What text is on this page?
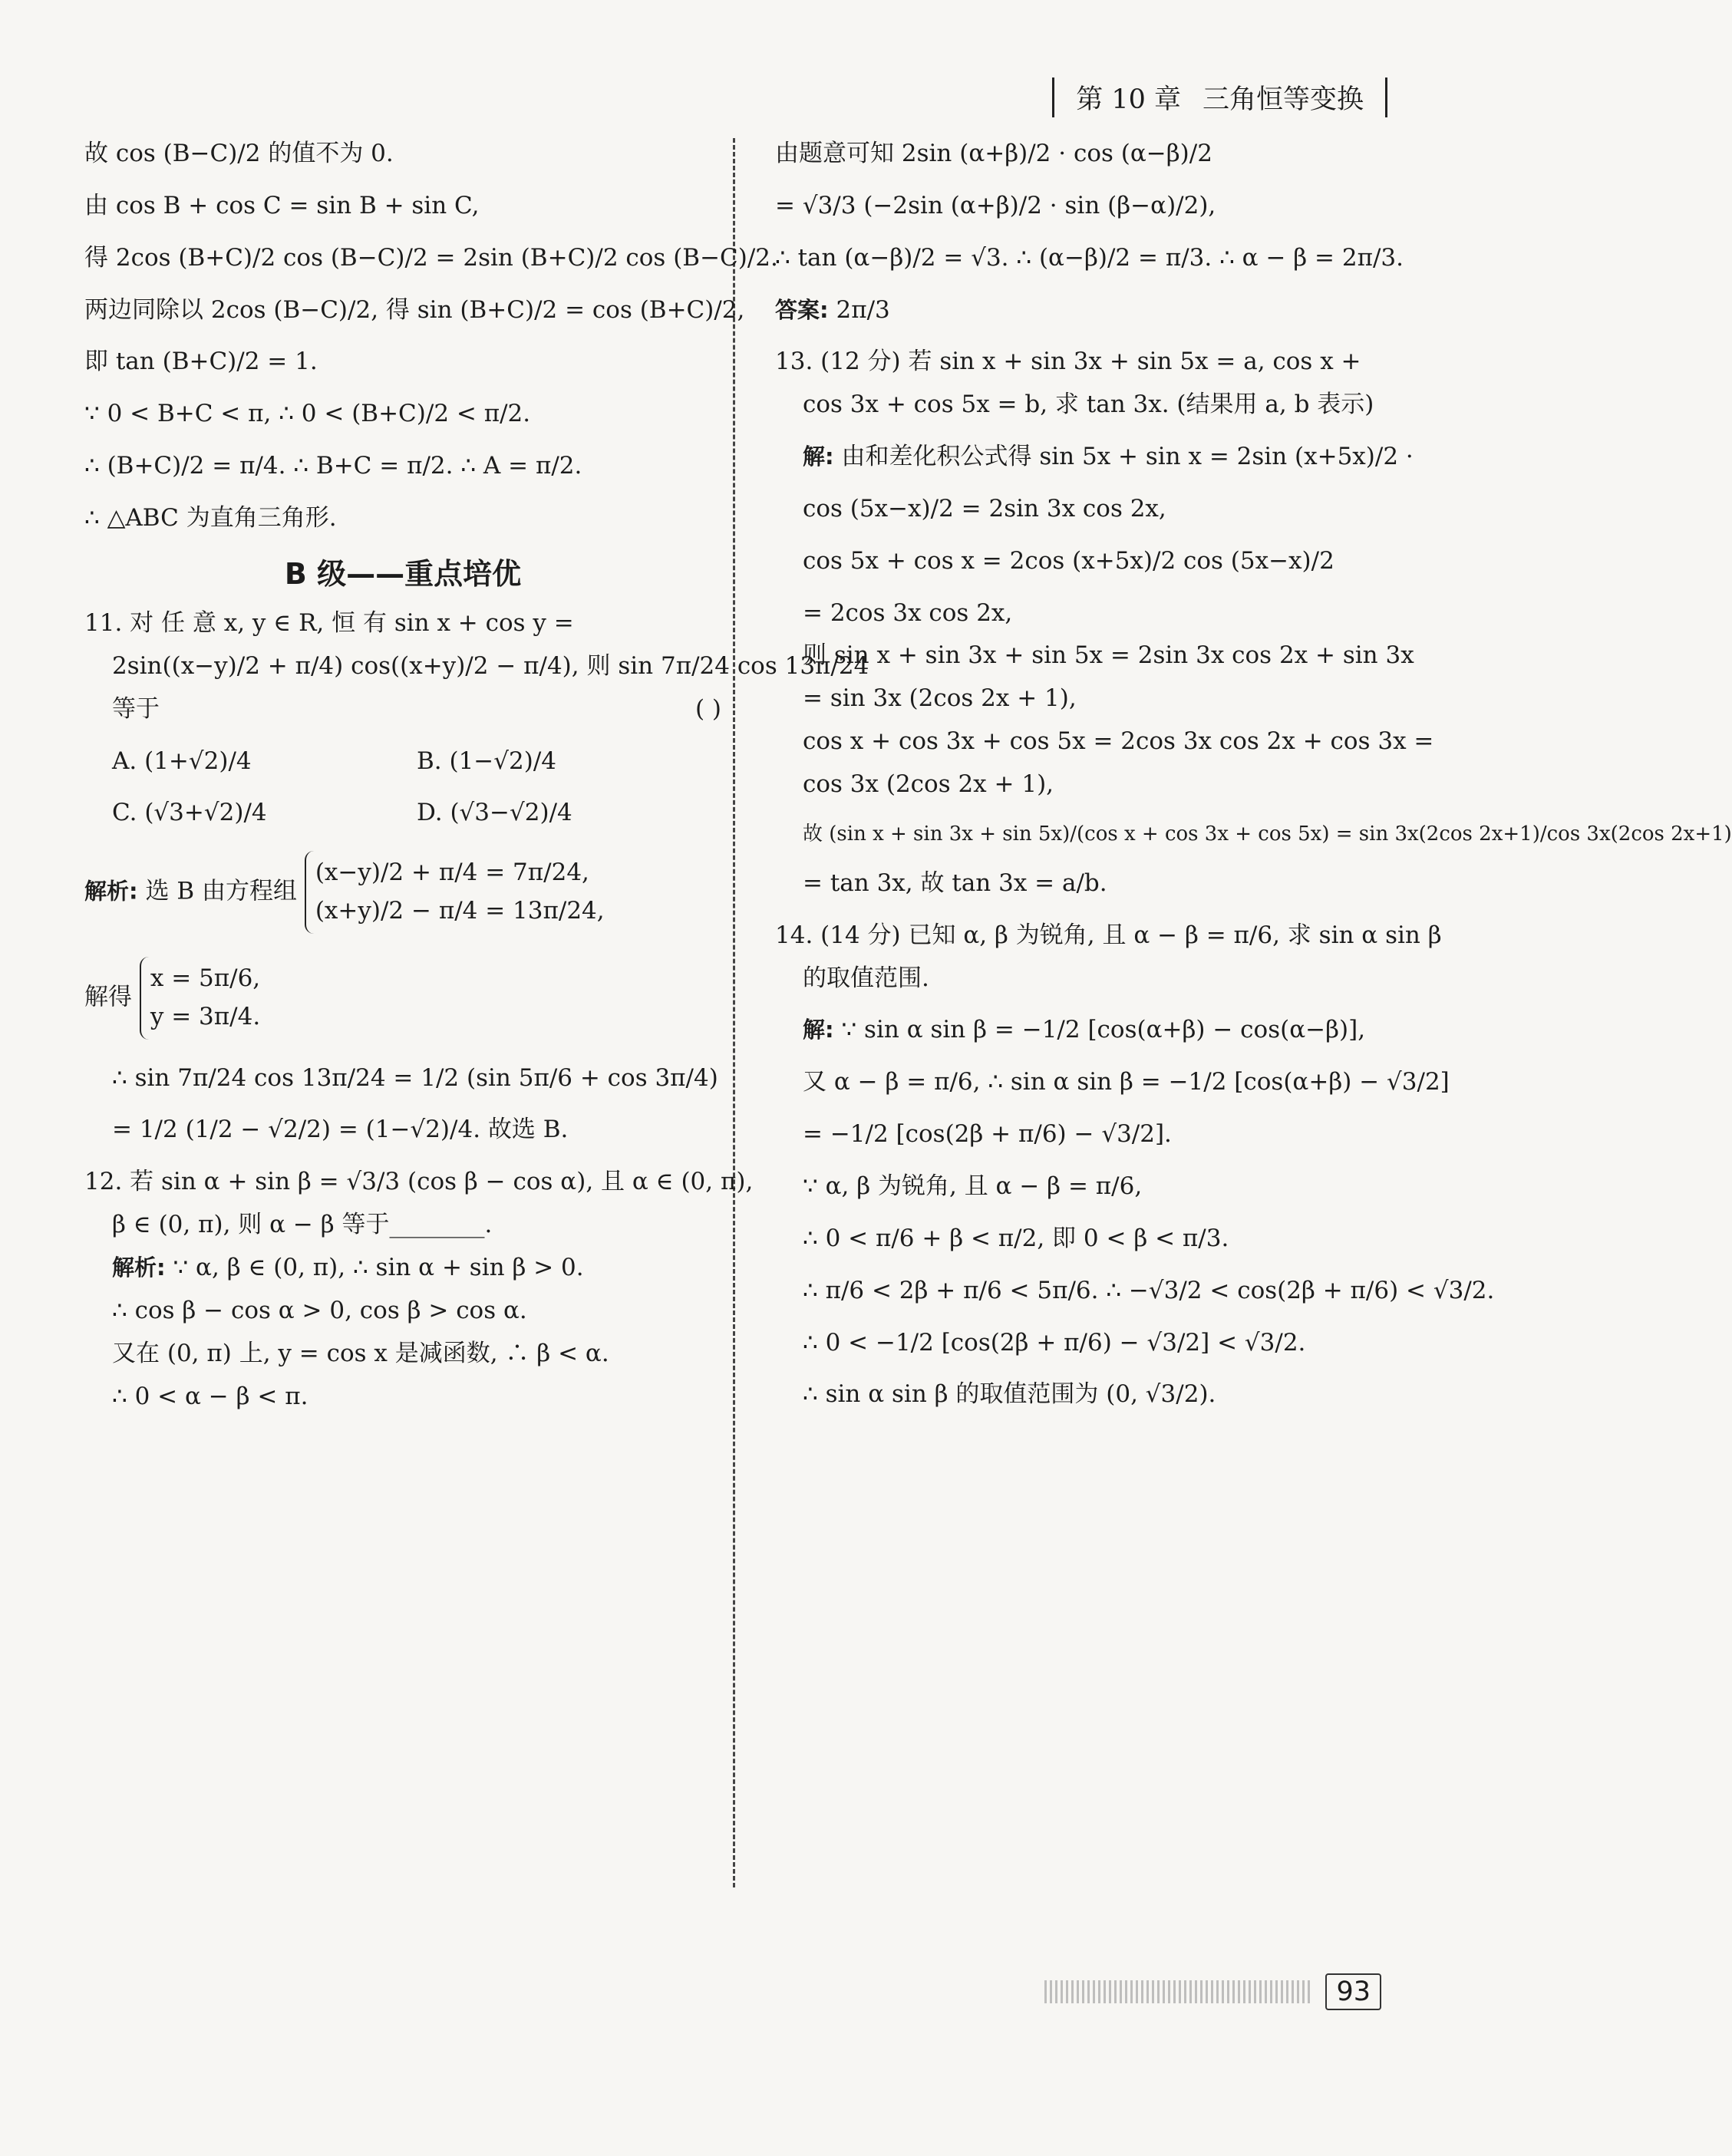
第 10 章 三角恒等变换
故 cos (B−C)/2 的值不为 0.
由 cos B + cos C = sin B + sin C,
得 2cos (B+C)/2 cos (B−C)/2 = 2sin (B+C)/2 cos (B−C)/2.
两边同除以 2cos (B−C)/2, 得 sin (B+C)/2 = cos (B+C)/2,
即 tan (B+C)/2 = 1.
∵ 0 < B+C < π, ∴ 0 < (B+C)/2 < π/2.
∴ (B+C)/2 = π/4. ∴ B+C = π/2. ∴ A = π/2.
∴ △ABC 为直角三角形.
B 级——重点培优
11. 对 任 意 x, y ∈ R, 恒 有 sin x + cos y =
2sin((x−y)/2 + π/4) cos((x+y)/2 − π/4), 则 sin 7π/24 cos 13π/24
等于	( )
A. (1+√2)/4	B. (1−√2)/4
C. (√3+√2)/4	D. (√3−√2)/4
解析: 选 B 由方程组
(x−y)/2 + π/4 = 7π/24,
(x+y)/2 − π/4 = 13π/24,
解得
x = 5π/6,
y = 3π/4.
∴ sin 7π/24 cos 13π/24 = 1/2 (sin 5π/6 + cos 3π/4)
= 1/2 (1/2 − √2/2) = (1−√2)/4. 故选 B.
12. 若 sin α + sin β = √3/3 (cos β − cos α), 且 α ∈ (0, π),
β ∈ (0, π), 则 α − β 等于________.
解析: ∵ α, β ∈ (0, π), ∴ sin α + sin β > 0.
∴ cos β − cos α > 0, cos β > cos α.
又在 (0, π) 上, y = cos x 是减函数, ∴ β < α.
∴ 0 < α − β < π.
由题意可知 2sin (α+β)/2 · cos (α−β)/2
= √3/3 (−2sin (α+β)/2 · sin (β−α)/2),
∴ tan (α−β)/2 = √3. ∴ (α−β)/2 = π/3. ∴ α − β = 2π/3.
答案: 2π/3
13. (12 分) 若 sin x + sin 3x + sin 5x = a, cos x +
cos 3x + cos 5x = b, 求 tan 3x. (结果用 a, b 表示)
解: 由和差化积公式得 sin 5x + sin x = 2sin (x+5x)/2 ·
cos (5x−x)/2 = 2sin 3x cos 2x,
cos 5x + cos x = 2cos (x+5x)/2 cos (5x−x)/2
= 2cos 3x cos 2x,
则 sin x + sin 3x + sin 5x = 2sin 3x cos 2x + sin 3x
= sin 3x (2cos 2x + 1),
cos x + cos 3x + cos 5x = 2cos 3x cos 2x + cos 3x =
cos 3x (2cos 2x + 1),
故 (sin x + sin 3x + sin 5x)/(cos x + cos 3x + cos 5x) = sin 3x(2cos 2x+1)/cos 3x(2cos 2x+1)
= tan 3x, 故 tan 3x = a/b.
14. (14 分) 已知 α, β 为锐角, 且 α − β = π/6, 求 sin α sin β
的取值范围.
解: ∵ sin α sin β = −1/2 [cos(α+β) − cos(α−β)],
又 α − β = π/6, ∴ sin α sin β = −1/2 [cos(α+β) − √3/2]
= −1/2 [cos(2β + π/6) − √3/2].
∵ α, β 为锐角, 且 α − β = π/6,
∴ 0 < π/6 + β < π/2, 即 0 < β < π/3.
∴ π/6 < 2β + π/6 < 5π/6. ∴ −√3/2 < cos(2β + π/6) < √3/2.
∴ 0 < −1/2 [cos(2β + π/6) − √3/2] < √3/2.
∴ sin α sin β 的取值范围为 (0, √3/2).
93
